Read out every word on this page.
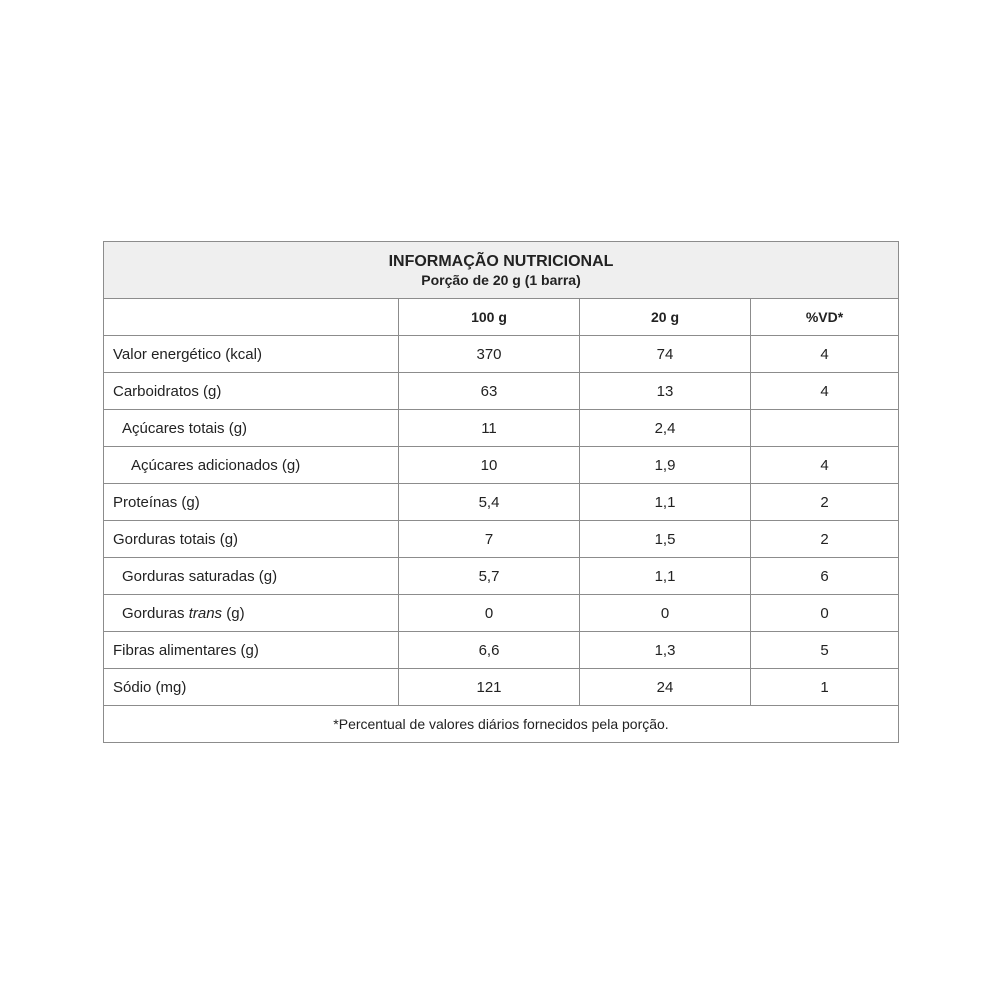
INFORMAÇÃO NUTRICIONAL
Porção de 20 g (1 barra)			

	100 g	20 g	%VD*
Valor energético (kcal)	370	74	4
Carboidratos (g)	63	13	4
Açúcares totais (g)	11	2,4	
Açúcares adicionados (g)	10	1,9	4
Proteínas (g)	5,4	1,1	2
Gorduras totais (g)	7	1,5	2
Gorduras saturadas (g)	5,7	1,1	6
Gorduras trans (g)	0	0	0
Fibras alimentares (g)	6,6	1,3	5
Sódio (mg)	121	24	1
*Percentual de valores diários fornecidos pela porção.			
